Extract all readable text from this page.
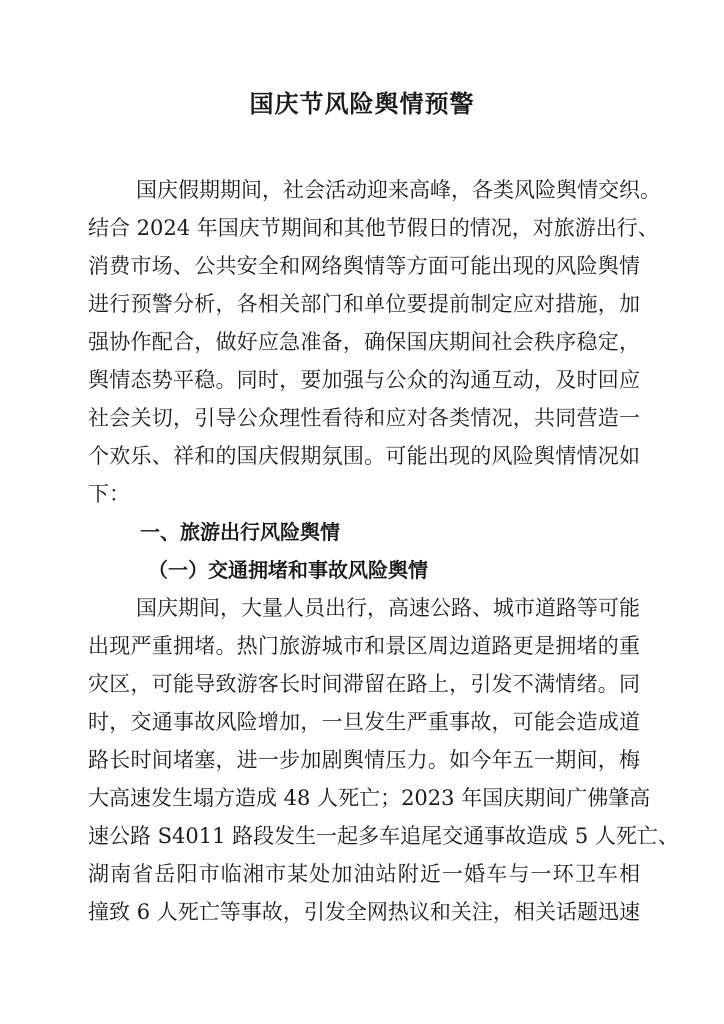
国庆节风险舆情预警
国庆假期期间，社会活动迎来高峰，各类风险舆情交织。
结合 2024 年国庆节期间和其他节假日的情况，对旅游出行、
消费市场、公共安全和网络舆情等方面可能出现的风险舆情
进行预警分析，各相关部门和单位要提前制定应对措施，加
强协作配合，做好应急准备，确保国庆期间社会秩序稳定，
舆情态势平稳。同时，要加强与公众的沟通互动，及时回应
社会关切，引导公众理性看待和应对各类情况，共同营造一
个欢乐、祥和的国庆假期氛围。可能出现的风险舆情情况如
下：
一、旅游出行风险舆情
（一）交通拥堵和事故风险舆情
国庆期间，大量人员出行，高速公路、城市道路等可能
出现严重拥堵。热门旅游城市和景区周边道路更是拥堵的重
灾区，可能导致游客长时间滞留在路上，引发不满情绪。同
时，交通事故风险增加，一旦发生严重事故，可能会造成道
路长时间堵塞，进一步加剧舆情压力。如今年五一期间，梅
大高速发生塌方造成 48 人死亡；2023 年国庆期间广佛肇高
速公路 S4011 路段发生一起多车追尾交通事故造成 5 人死亡、
湖南省岳阳市临湘市某处加油站附近一婚车与一环卫车相
撞致 6 人死亡等事故，引发全网热议和关注，相关话题迅速
